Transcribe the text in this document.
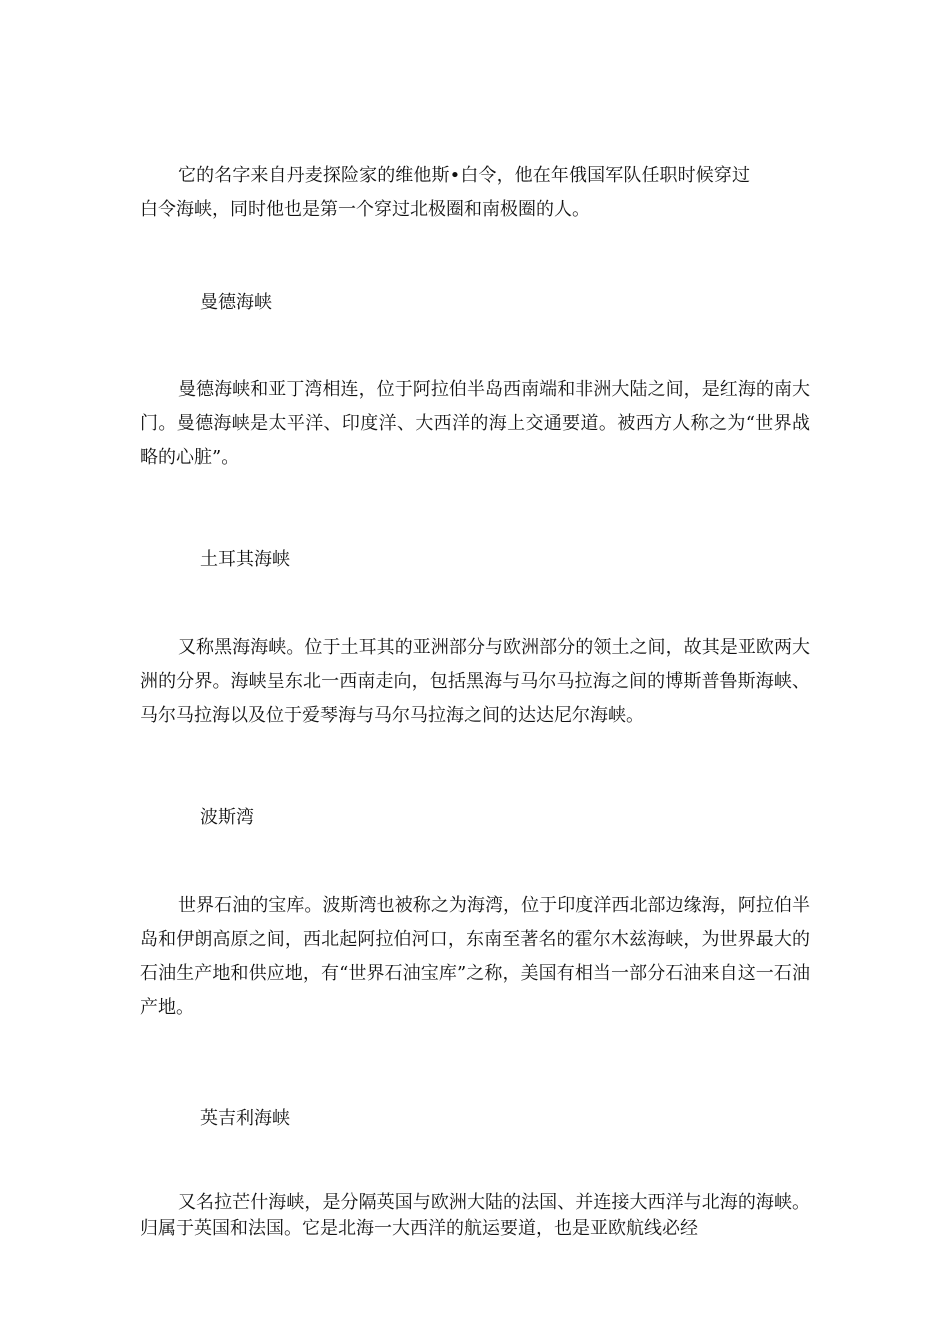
它的名字来自丹麦探险家的维他斯•白令，他在年俄国军队任职时候穿过白令海峡，同时他也是第一个穿过北极圈和南极圈的人。

曼德海峡

曼德海峡和亚丁湾相连，位于阿拉伯半岛西南端和非洲大陆之间，是红海的南大门。曼德海峡是太平洋、印度洋、大西洋的海上交通要道。被西方人称之为“世界战略的心脏”。

土耳其海峡

又称黑海海峡。位于土耳其的亚洲部分与欧洲部分的领土之间，故其是亚欧两大洲的分界。海峡呈东北一西南走向，包括黑海与马尔马拉海之间的博斯普鲁斯海峡、马尔马拉海以及位于爱琴海与马尔马拉海之间的达达尼尔海峡。

波斯湾

世界石油的宝库。波斯湾也被称之为海湾，位于印度洋西北部边缘海，阿拉伯半岛和伊朗高原之间，西北起阿拉伯河口，东南至著名的霍尔木兹海峡，为世界最大的石油生产地和供应地，有“世界石油宝库”之称，美国有相当一部分石油来自这一石油产地。

英吉利海峡

又名拉芒什海峡，是分隔英国与欧洲大陆的法国、并连接大西洋与北海的海峡。归属于英国和法国。它是北海一大西洋的航运要道，也是亚欧航线必经
